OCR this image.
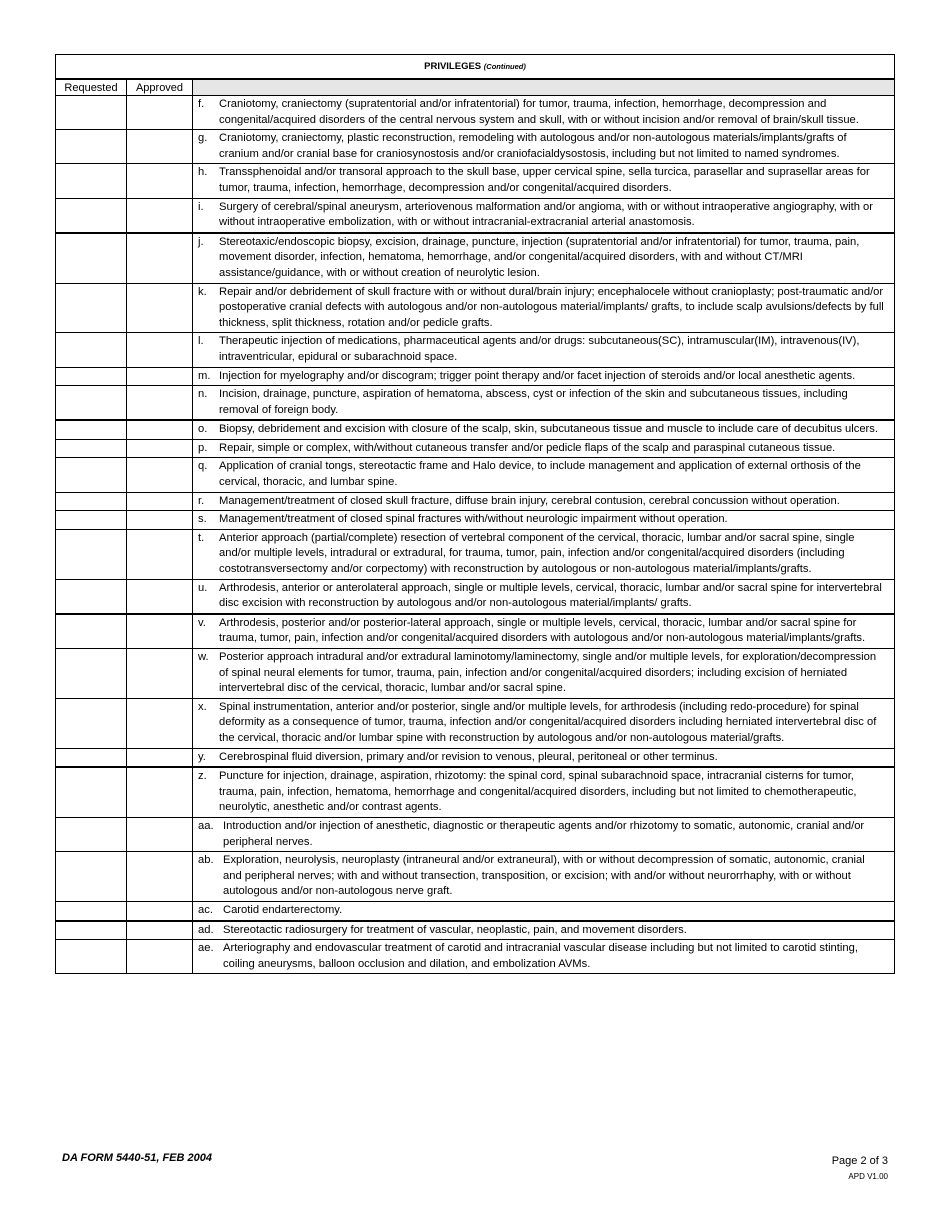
PRIVILEGES (Continued)		
Requested	Approved	

		f. Craniotomy, craniectomy (supratentorial and/or infratentorial) for tumor, trauma, infection, hemorrhage, decompression and congenital/acquired disorders of the central nervous system and skull, with or without incision and/or removal of brain/skull tissue.

		g. Craniotomy, craniectomy, plastic reconstruction, remodeling with autologous and/or non-autologous materials/implants/grafts of cranium and/or cranial base for craniosynostosis and/or craniofacialdysostosis, including but not limited to named syndromes.

		h. Transsphenoidal and/or transoral approach to the skull base, upper cervical spine, sella turcica, parasellar and suprasellar areas for tumor, trauma, infection, hemorrhage, decompression and/or congenital/acquired disorders.

		i. Surgery of cerebral/spinal aneurysm, arteriovenous malformation and/or angioma, with or without intraoperative angiography, with or without intraoperative embolization, with or without intracranial-extracranial arterial anastomosis.

		j. Stereotaxic/endoscopic biopsy, excision, drainage, puncture, injection (supratentorial and/or infratentorial) for tumor, trauma, pain, movement disorder, infection, hematoma, hemorrhage, and/or congenital/acquired disorders, with and without CT/MRI assistance/guidance, with or without creation of neurolytic lesion.

		k. Repair and/or debridement of skull fracture with or without dural/brain injury; encephalocele without cranioplasty; post-traumatic and/or postoperative cranial defects with autologous and/or non-autologous material/implants/ grafts, to include scalp avulsions/defects by full thickness, split thickness, rotation and/or pedicle grafts.

		l. Therapeutic injection of medications, pharmaceutical agents and/or drugs: subcutaneous(SC), intramuscular(IM), intravenous(IV), intraventricular, epidural or subarachnoid space.

		m. Injection for myelography and/or discogram; trigger point therapy and/or facet injection of steroids and/or local anesthetic agents.

		n. Incision, drainage, puncture, aspiration of hematoma, abscess, cyst or infection of the skin and subcutaneous tissues, including removal of foreign body.

		o. Biopsy, debridement and excision with closure of the scalp, skin, subcutaneous tissue and muscle to include care of decubitus ulcers.

		p. Repair, simple or complex, with/without cutaneous transfer and/or pedicle flaps of the scalp and paraspinal cutaneous tissue.

		q. Application of cranial tongs, stereotactic frame and Halo device, to include management and application of external orthosis of the cervical, thoracic, and lumbar spine.

		r. Management/treatment of closed skull fracture, diffuse brain injury, cerebral contusion, cerebral concussion without operation.

		s. Management/treatment of closed spinal fractures with/without neurologic impairment without operation.

		t. Anterior approach (partial/complete) resection of vertebral component of the cervical, thoracic, lumbar and/or sacral spine, single and/or multiple levels, intradural or extradural, for trauma, tumor, pain, infection and/or congenital/acquired disorders (including costotransversectomy and/or corpectomy) with reconstruction by autologous or non-autologous material/implants/grafts.

		u. Arthrodesis, anterior or anterolateral approach, single or multiple levels, cervical, thoracic, lumbar and/or sacral spine for intervertebral disc excision with reconstruction by autologous and/or non-autologous material/implants/ grafts.

		v. Arthrodesis, posterior and/or posterior-lateral approach, single or multiple levels, cervical, thoracic, lumbar and/or sacral spine for trauma, tumor, pain, infection and/or congenital/acquired disorders with autologous and/or non-autologous material/implants/grafts.

		w. Posterior approach intradural and/or extradural laminotomy/laminectomy, single and/or multiple levels, for exploration/decompression of spinal neural elements for tumor, trauma, pain, infection and/or congenital/acquired disorders; including excision of herniated intervertebral disc of the cervical, thoracic, lumbar and/or sacral spine.

		x. Spinal instrumentation, anterior and/or posterior, single and/or multiple levels, for arthrodesis (including redo-procedure) for spinal deformity as a consequence of tumor, trauma, infection and/or congenital/acquired disorders including herniated intervertebral disc of the cervical, thoracic and/or lumbar spine with reconstruction by autologous and/or non-autologous material/grafts.

		y. Cerebrospinal fluid diversion, primary and/or revision to venous, pleural, peritoneal or other terminus.

		z. Puncture for injection, drainage, aspiration, rhizotomy: the spinal cord, spinal subarachnoid space, intracranial cisterns for tumor, trauma, pain, infection, hematoma, hemorrhage and congenital/acquired disorders, including but not limited to chemotherapeutic, neurolytic, anesthetic and/or contrast agents.

		aa. Introduction and/or injection of anesthetic, diagnostic or therapeutic agents and/or rhizotomy to somatic, autonomic, cranial and/or peripheral nerves.

		ab. Exploration, neurolysis, neuroplasty (intraneural and/or extraneural), with or without decompression of somatic, autonomic, cranial and peripheral nerves; with and without transection, transposition, or excision; with and/or without neurorrhaphy, with or without autologous and/or non-autologous nerve graft.

		ac. Carotid endarterectomy.

		ad. Stereotactic radiosurgery for treatment of vascular, neoplastic, pain, and movement disorders.

		ae. Arteriography and endovascular treatment of carotid and intracranial vascular disease including but not limited to carotid stinting, coiling aneurysms, balloon occlusion and dilation, and embolization AVMs.
DA FORM 5440-51, FEB 2004	Page 2 of 3
APD V1.00
